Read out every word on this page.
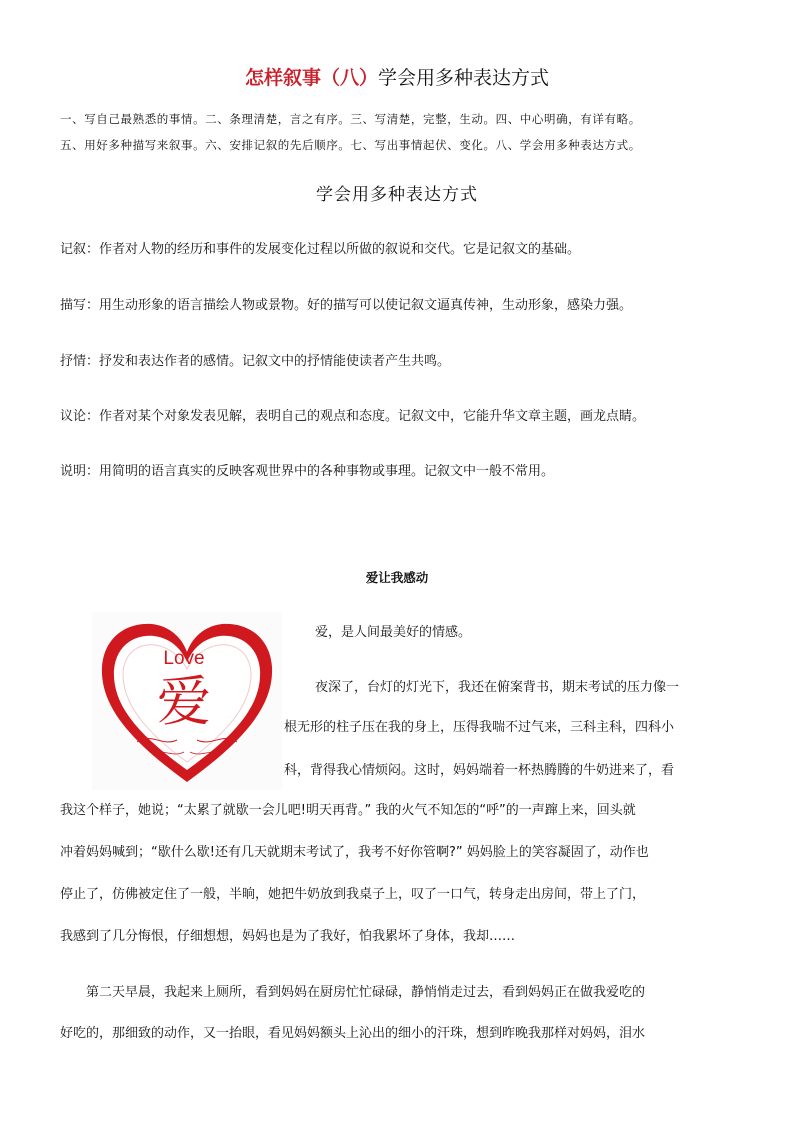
怎样叙事（八）学会用多种表达方式
一、写自己最熟悉的事情。二、条理清楚，言之有序。三、写清楚，完整，生动。四、中心明确，有详有略。
五、用好多种描写来叙事。六、安排记叙的先后顺序。七、写出事情起伏、变化。八、学会用多种表达方式。
学会用多种表达方式
记叙：作者对人物的经历和事件的发展变化过程以所做的叙说和交代。它是记叙文的基础。
描写：用生动形象的语言描绘人物或景物。好的描写可以使记叙文逼真传神，生动形象，感染力强。
抒情：抒发和表达作者的感情。记叙文中的抒情能使读者产生共鸣。
议论：作者对某个对象发表见解，表明自己的观点和态度。记叙文中，它能升华文章主题，画龙点睛。
说明：用简明的语言真实的反映客观世界中的各种事物或事理。记叙文中一般不常用。
爱让我感动
Love
爱
爱，是人间最美好的情感。
夜深了，台灯的灯光下，我还在俯案背书，期末考试的压力像一
根无形的柱子压在我的身上，压得我喘不过气来，三科主科，四科小
科，背得我心情烦闷。这时，妈妈端着一杯热腾腾的牛奶进来了，看
我这个样子，她说；“太累了就歇一会儿吧!明天再背。” 我的火气不知怎的“呼”的一声蹿上来，回头就
冲着妈妈喊到；“歇什么歇!还有几天就期末考试了，我考不好你管啊?” 妈妈脸上的笑容凝固了，动作也
停止了，仿佛被定住了一般，半晌，她把牛奶放到我桌子上，叹了一口气，转身走出房间，带上了门，
我感到了几分悔恨，仔细想想，妈妈也是为了我好，怕我累坏了身体，我却……
第二天早晨，我起来上厕所，看到妈妈在厨房忙忙碌碌，静悄悄走过去，看到妈妈正在做我爱吃的
好吃的，那细致的动作，又一抬眼，看见妈妈额头上沁出的细小的汗珠，想到昨晚我那样对妈妈，泪水
